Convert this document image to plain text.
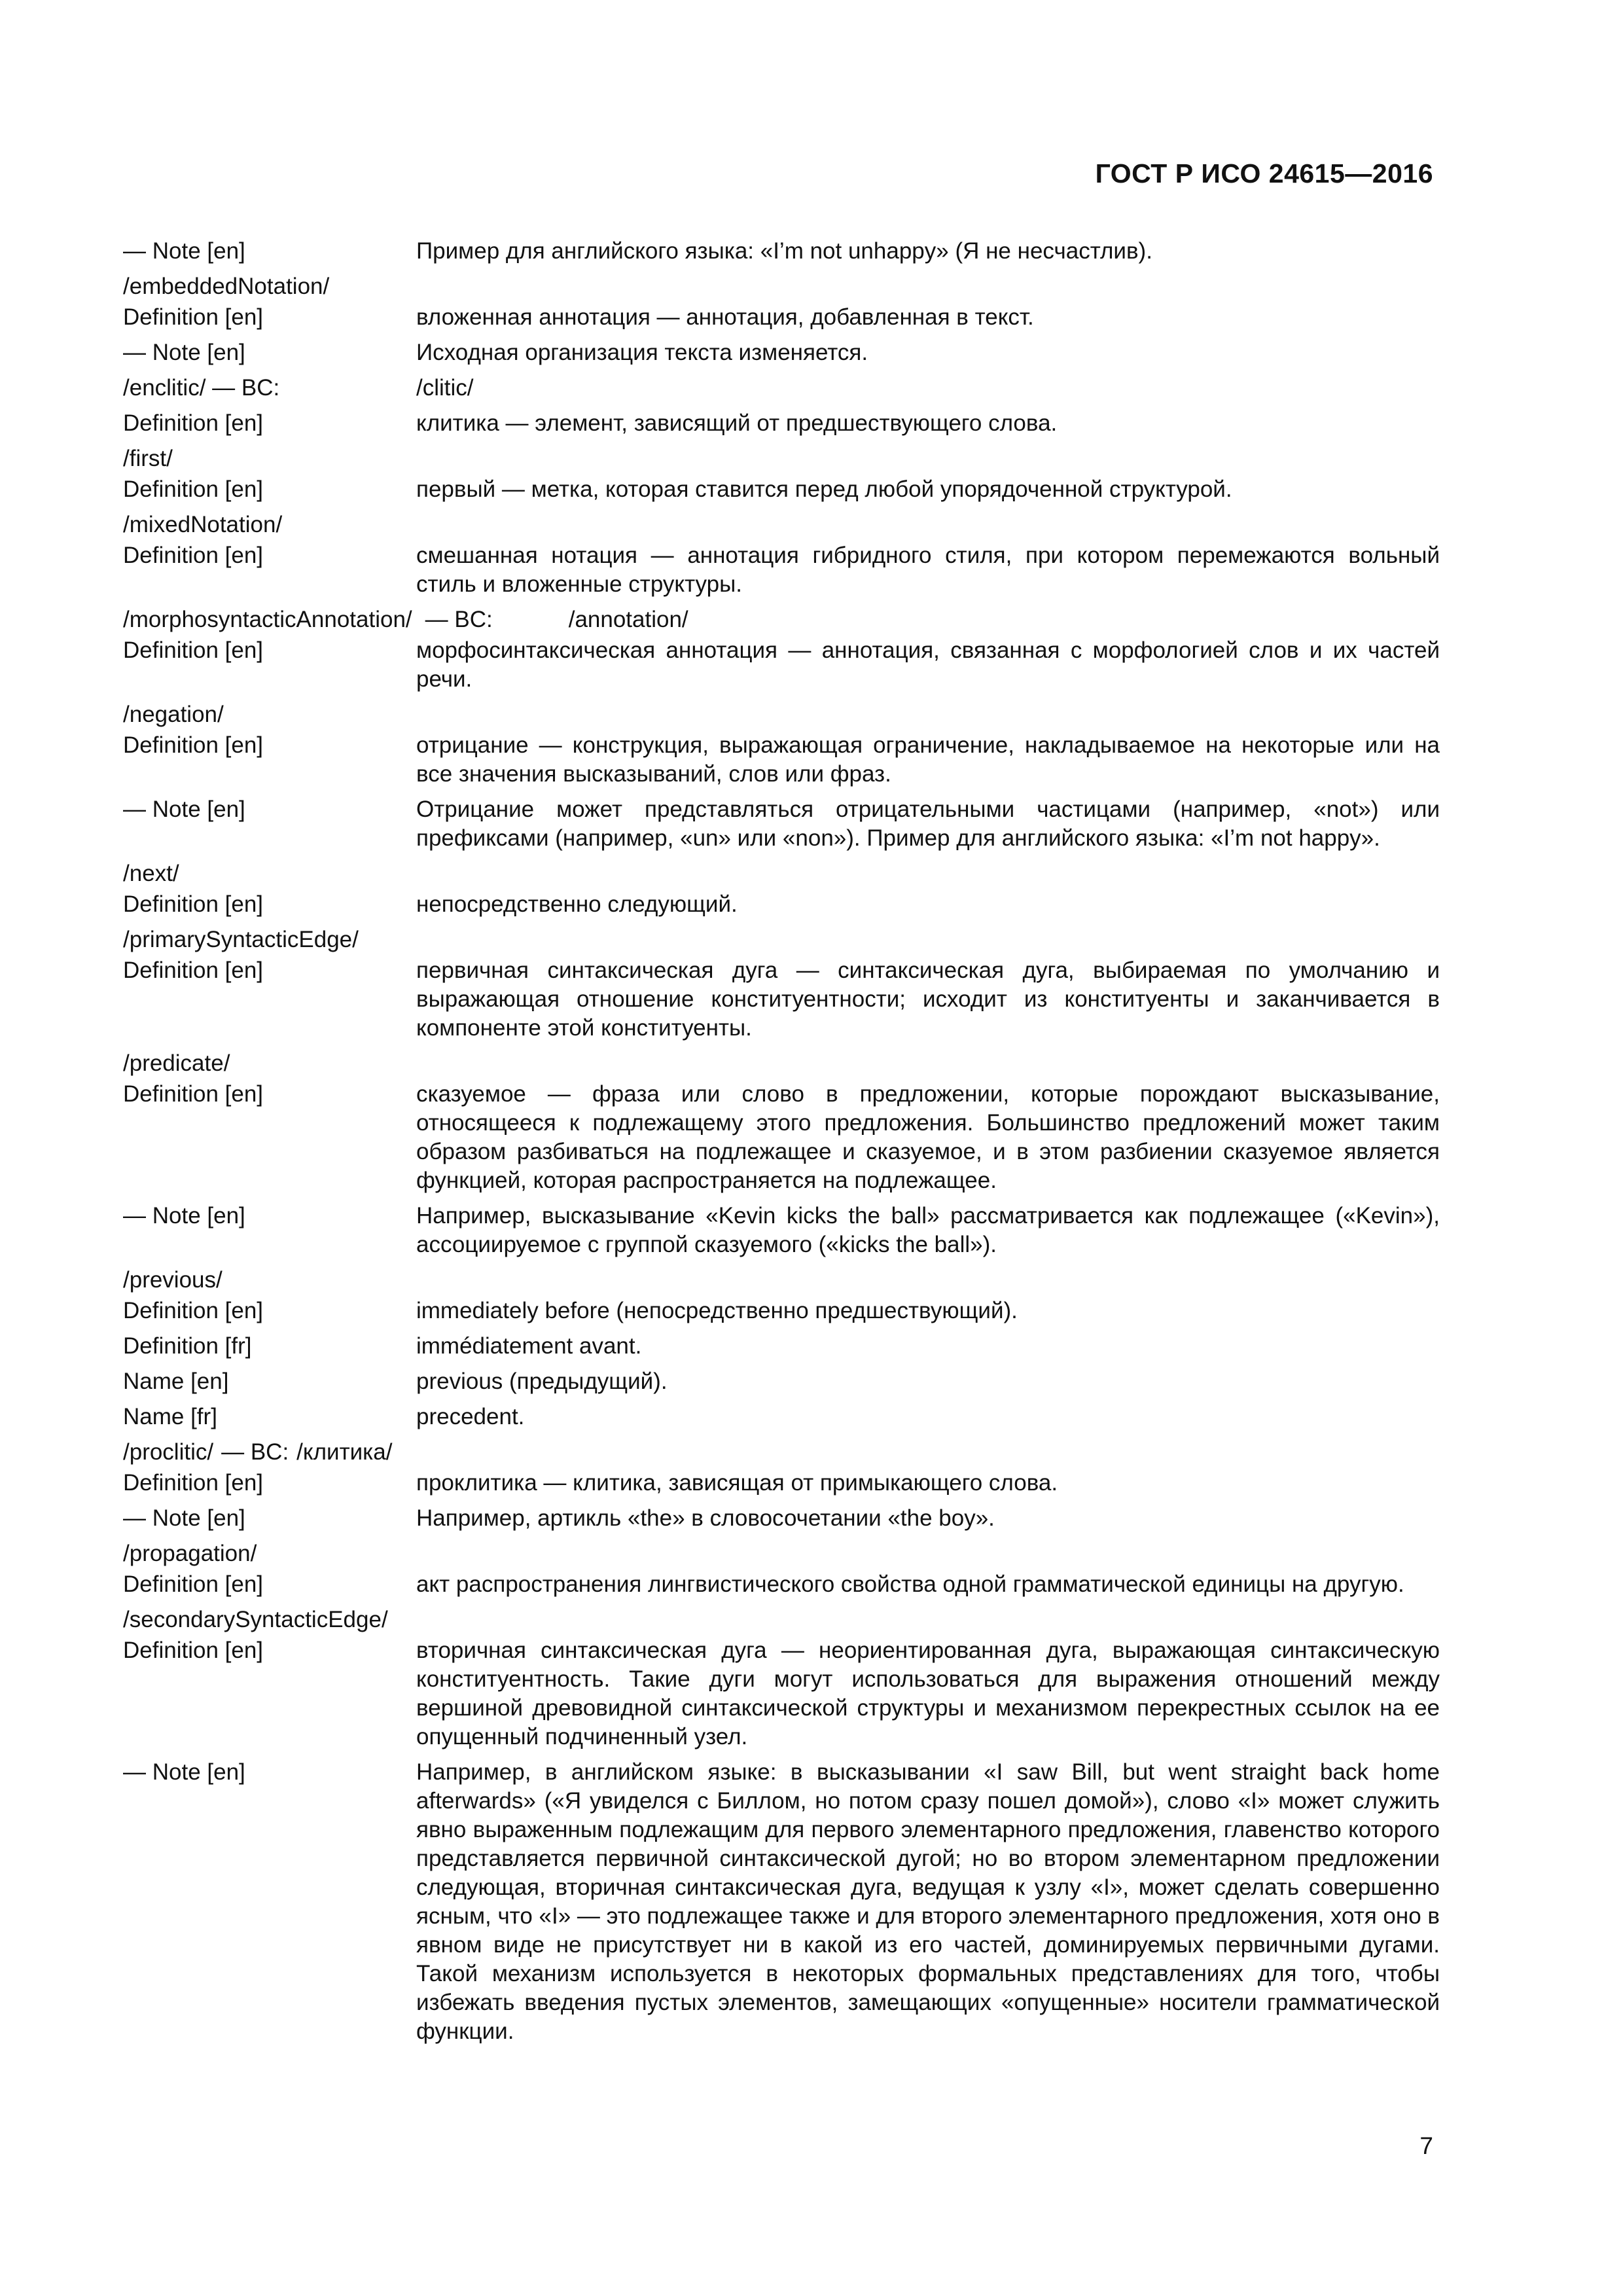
ГОСТ Р ИСО 24615—2016
— Note [en]	Пример для английского языка: «I’m not unhappy» (Я не несчастлив).
/embeddedNotation/
Definition [en]	вложенная аннотация — аннотация, добавленная в текст.
— Note [en]	Исходная организация текста изменяется.
/enclitic/ — BC:	/clitic/
Definition [en]	клитика — элемент, зависящий от предшествующего слова.
/first/
Definition [en]	первый — метка, которая ставится перед любой упорядоченной структурой.
/mixedNotation/
Definition [en]	смешанная нотация — аннотация гибридного стиля, при котором перемежаются вольный стиль и вложенные структуры.
/morphosyntacticAnnotation/ — BC:	/annotation/
Definition [en]	морфосинтаксическая аннотация — аннотация, связанная с морфологией слов и их частей речи.
/negation/
Definition [en]	отрицание — конструкция, выражающая ограничение, накладываемое на некоторые или на все значения высказываний, слов или фраз.
— Note [en]	Отрицание может представляться отрицательными частицами (например, «not») или префиксами (например, «un» или «non»). Пример для английского языка: «I’m not happy».
/next/
Definition [en]	непосредственно следующий.
/primarySyntacticEdge/
Definition [en]	первичная синтаксическая дуга — синтаксическая дуга, выбираемая по умолчанию и выражающая отношение конституентности; исходит из конституенты и заканчивается в компоненте этой конституенты.
/predicate/
Definition [en]	сказуемое — фраза или слово в предложении, которые порождают высказывание, относящееся к подлежащему этого предложения. Большинство предложений может таким образом разбиваться на подлежащее и сказуемое, и в этом разбиении сказуемое является функцией, которая распространяется на подлежащее.
— Note [en]	Например, высказывание «Kevin kicks the ball» рассматривается как подлежащее («Kevin»), ассоциируемое с группой сказуемого («kicks the ball»).
/previous/
Definition [en]	immediately before (непосредственно предшествующий).
Definition [fr]	immédiatement avant.
Name [en]	previous (предыдущий).
Name [fr]	precedent.
/proclitic/ — BC: /клитика/
Definition [en]	проклитика — клитика, зависящая от примыкающего слова.
— Note [en]	Например, артикль «the» в словосочетании «the boy».
/propagation/
Definition [en]	акт распространения лингвистического свойства одной грамматической единицы на другую.
/secondarySyntacticEdge/
Definition [en]	вторичная синтаксическая дуга — неориентированная дуга, выражающая синтаксическую конституентность. Такие дуги могут использоваться для выражения отношений между вершиной древовидной синтаксической структуры и механизмом перекрестных ссылок на ее опущенный подчиненный узел.
— Note [en]	Например, в английском языке: в высказывании «I saw Bill, but went straight back home afterwards» («Я увиделся с Биллом, но потом сразу пошел домой»), слово «I» может служить явно выраженным подлежащим для первого элементарного предложения, главенство которого представляется первичной синтаксической дугой; но во втором элементарном предложении следующая, вторичная синтаксическая дуга, ведущая к узлу «I», может сделать совершенно ясным, что «I» — это подлежащее также и для второго элементарного предложения, хотя оно в явном виде не присутствует ни в какой из его частей, доминируемых первичными дугами. Такой механизм используется в некоторых формальных представлениях для того, чтобы избежать введения пустых элементов, замещающих «опущенные» носители грамматической функции.
7
